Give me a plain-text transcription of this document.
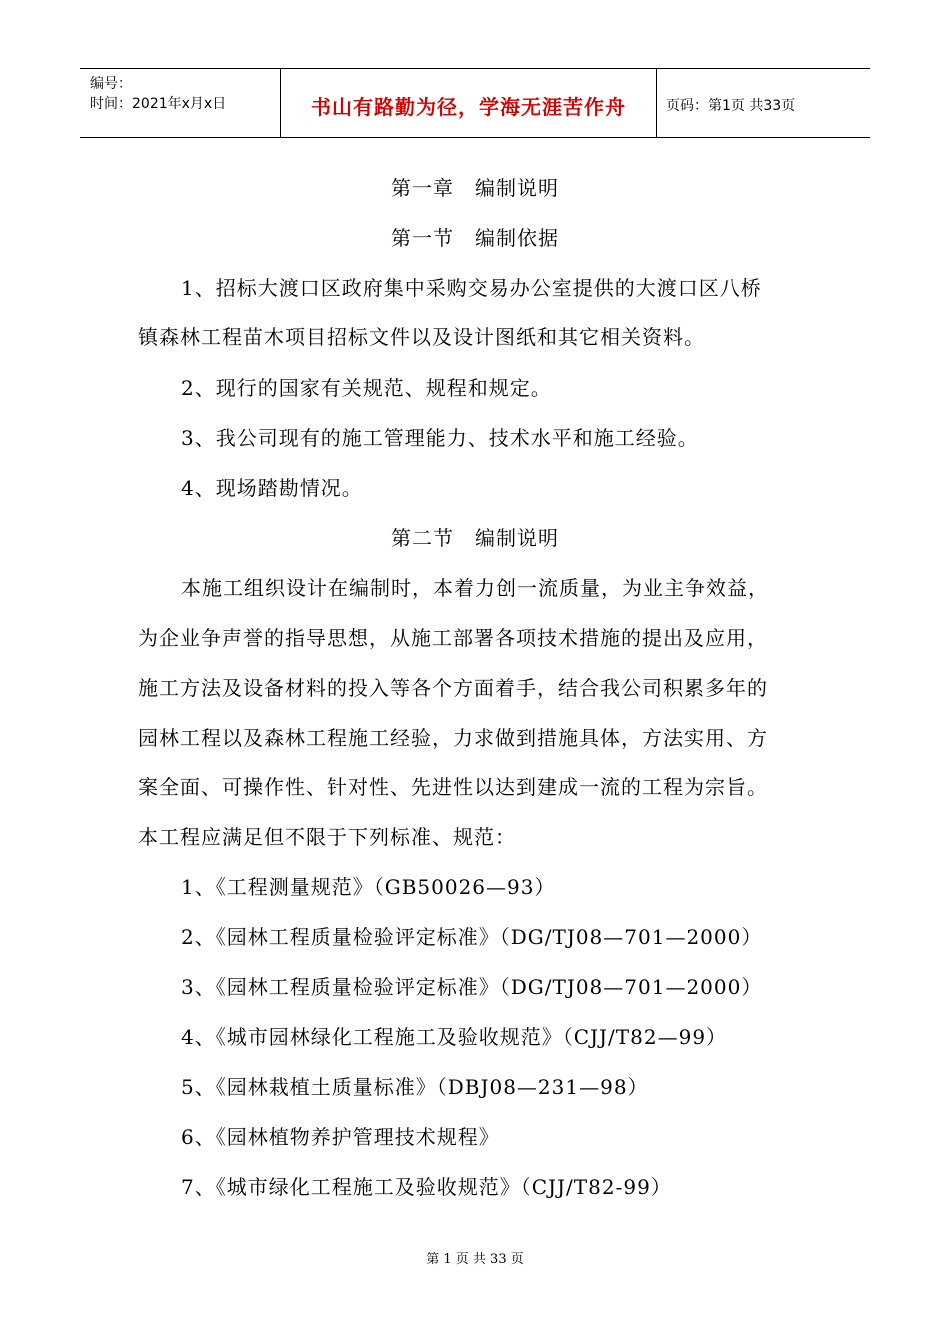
编号：
时间：2021年x月x日	书山有路勤为径，学海无涯苦作舟	页码：第1页 共33页
第一章　编制说明
第一节　编制依据
1、招标大渡口区政府集中采购交易办公室提供的大渡口区八桥
镇森林工程苗木项目招标文件以及设计图纸和其它相关资料。
2、现行的国家有关规范、规程和规定。
3、我公司现有的施工管理能力、技术水平和施工经验。
4、现场踏勘情况。
第二节　编制说明
本施工组织设计在编制时，本着力创一流质量，为业主争效益，
为企业争声誉的指导思想，从施工部署各项技术措施的提出及应用，
施工方法及设备材料的投入等各个方面着手，结合我公司积累多年的
园林工程以及森林工程施工经验，力求做到措施具体，方法实用、方
案全面、可操作性、针对性、先进性以达到建成一流的工程为宗旨。
本工程应满足但不限于下列标准、规范：
1、《工程测量规范》（GB50026—93）
2、《园林工程质量检验评定标准》（DG/TJ08—701—2000）
3、《园林工程质量检验评定标准》（DG/TJ08—701—2000）
4、《城市园林绿化工程施工及验收规范》（CJJ/T82—99）
5、《园林栽植土质量标准》（DBJ08—231—98）
6、《园林植物养护管理技术规程》
7、《城市绿化工程施工及验收规范》（CJJ/T82-99）
第 1 页 共 33 页
